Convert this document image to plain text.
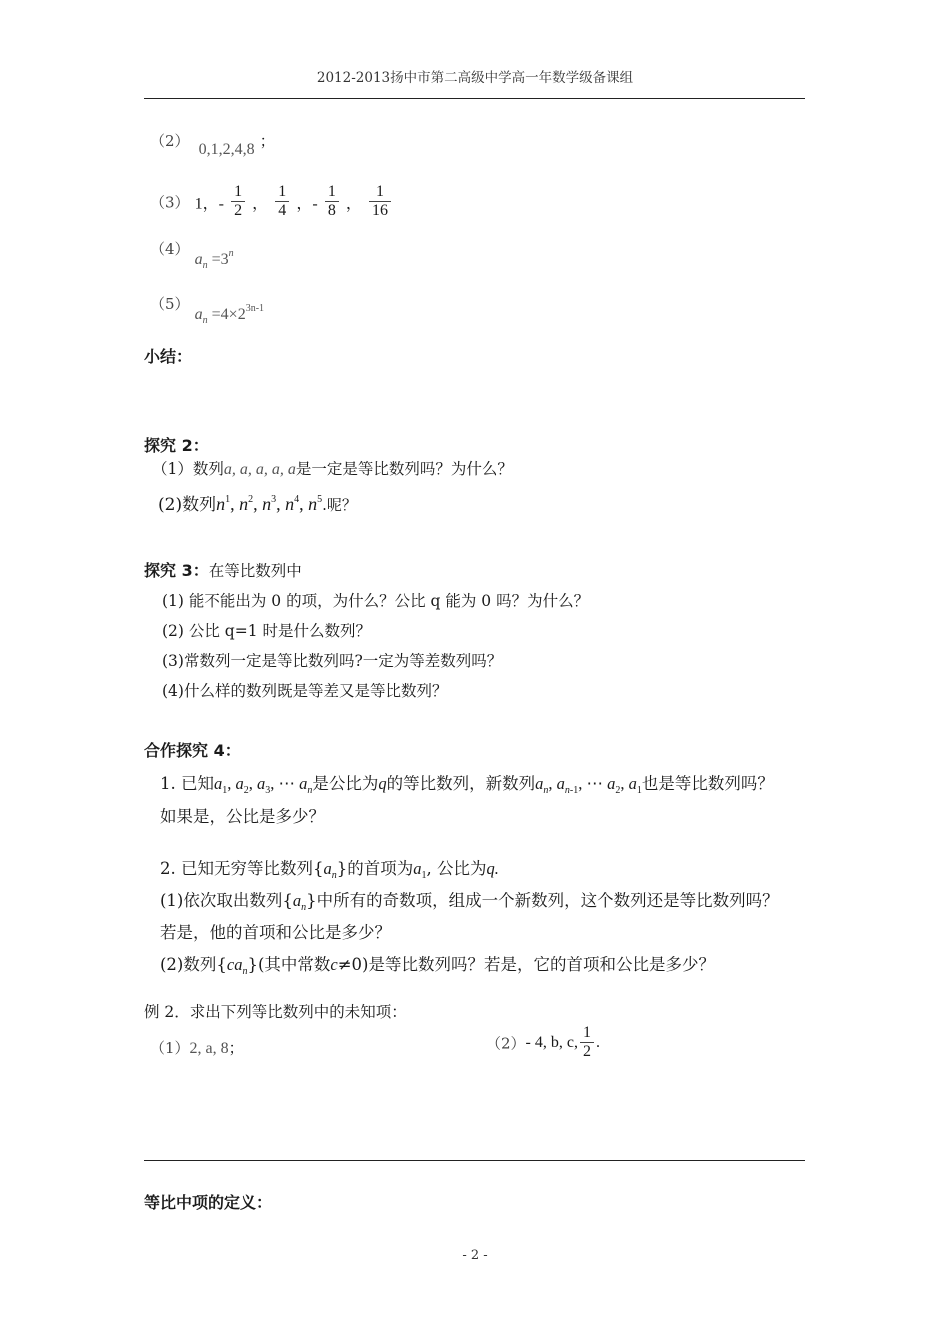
2012-2013扬中市第二高级中学高一年数学级备课组
（2） 0,1,2,4,8 ；
（3） 1，- $\frac{1}{2}$ ， $\frac{1}{4}$ ，- $\frac{1}{8}$ ， $\frac{1}{16}$
（4） $a_n =3^n$
（5） $a_n =4\times 2^{3n-1}$
小结：
探究 2：
（1）数列a, a, a, a, a是一定是等比数列吗？为什么？
(2)数列$n^1$, $n^2$, $n^3$, $n^4$, $n^5$.呢？
探究 3：在等比数列中
(1) 能不能出为 0 的项，为什么？公比 q 能为 0 吗？为什么？
(2) 公比 q=1 时是什么数列？
(3)常数列一定是等比数列吗?一定为等差数列吗？
(4)什么样的数列既是等差又是等比数列？
合作探究 4：
1. 已知$a_1$, $a_2$, $a_3$, ⋯ $a_n$是公比为q的等比数列，新数列$a_n$, $a_{n-1}$, ⋯ $a_2$, $a_1$也是等比数列吗？
如果是，公比是多少？
2. 已知无穷等比数列$\{a_n\}$的首项为$a_1$, 公比为q.
(1)依次取出数列$\{a_n\}$中所有的奇数项，组成一个新数列，这个数列还是等比数列吗？
若是，他的首项和公比是多少？
(2)数列$\{ca_n\}$(其中常数c≠0)是等比数列吗？若是，它的首项和公比是多少？
例 2．求出下列等比数列中的未知项：
（1）2, a, 8；	（2）- 4, b, c, $\frac{1}{2}$ .
等比中项的定义：
- 2 -
